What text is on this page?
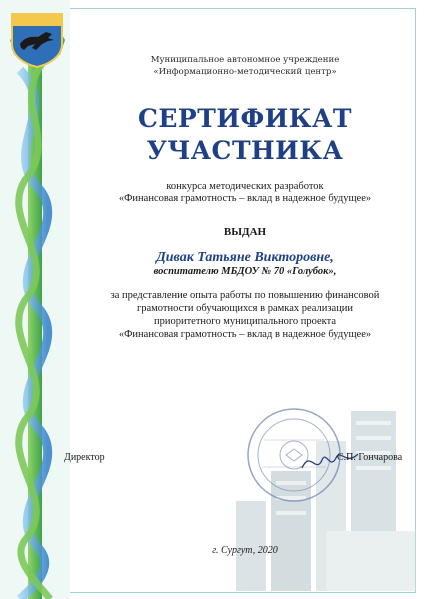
Муниципальное автономное учреждение
«Информационно-методический центр»
СЕРТИФИКАТ
УЧАСТНИКА
конкурса методических разработок
«Финансовая грамотность – вклад в надежное будущее»
ВЫДАН
Дивак Татьяне Викторовне,
воспитателю МБДОУ № 70 «Голубок»,
за представление опыта работы по повышению финансовой
грамотности обучающихся в рамках реализации
приоритетного муниципального проекта
«Финансовая грамотность – вклад в надежное будущее»
Директор	С.П. Гончарова
г. Сургут, 2020
